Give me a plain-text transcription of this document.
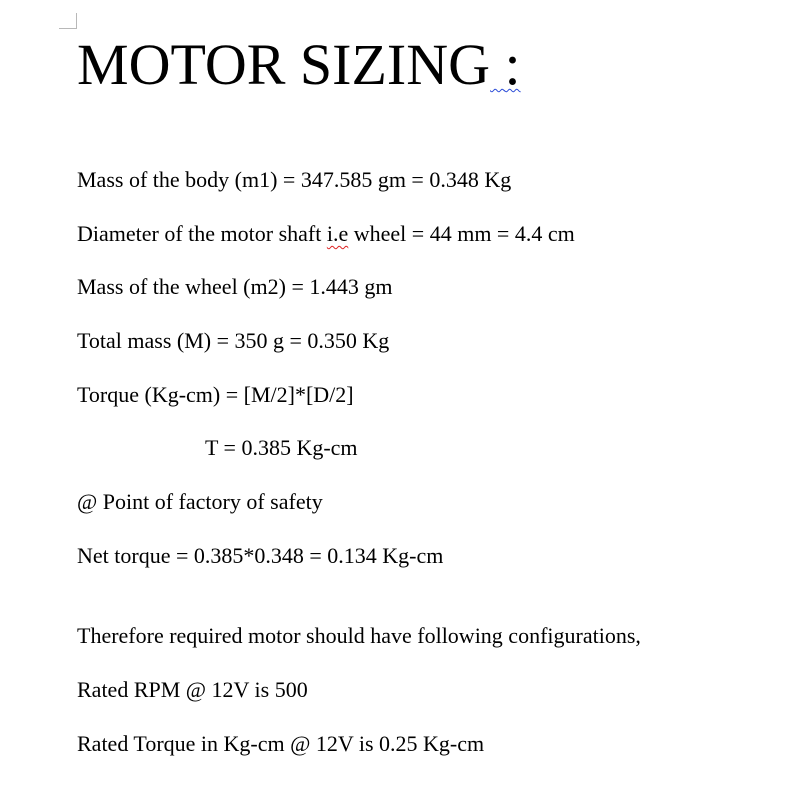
MOTOR SIZING :
Mass of the body (m1) = 347.585 gm = 0.348 Kg
Diameter of the motor shaft i.e wheel = 44 mm = 4.4 cm
Mass of the wheel (m2) = 1.443 gm
Total mass (M) = 350 g = 0.350 Kg
Torque (Kg-cm) = [M/2]*[D/2]
T = 0.385 Kg-cm
@ Point of factory of safety
Net torque = 0.385*0.348 = 0.134 Kg-cm
Therefore required motor should have following configurations,
Rated RPM @ 12V is 500
Rated Torque in Kg-cm @ 12V is 0.25 Kg-cm
